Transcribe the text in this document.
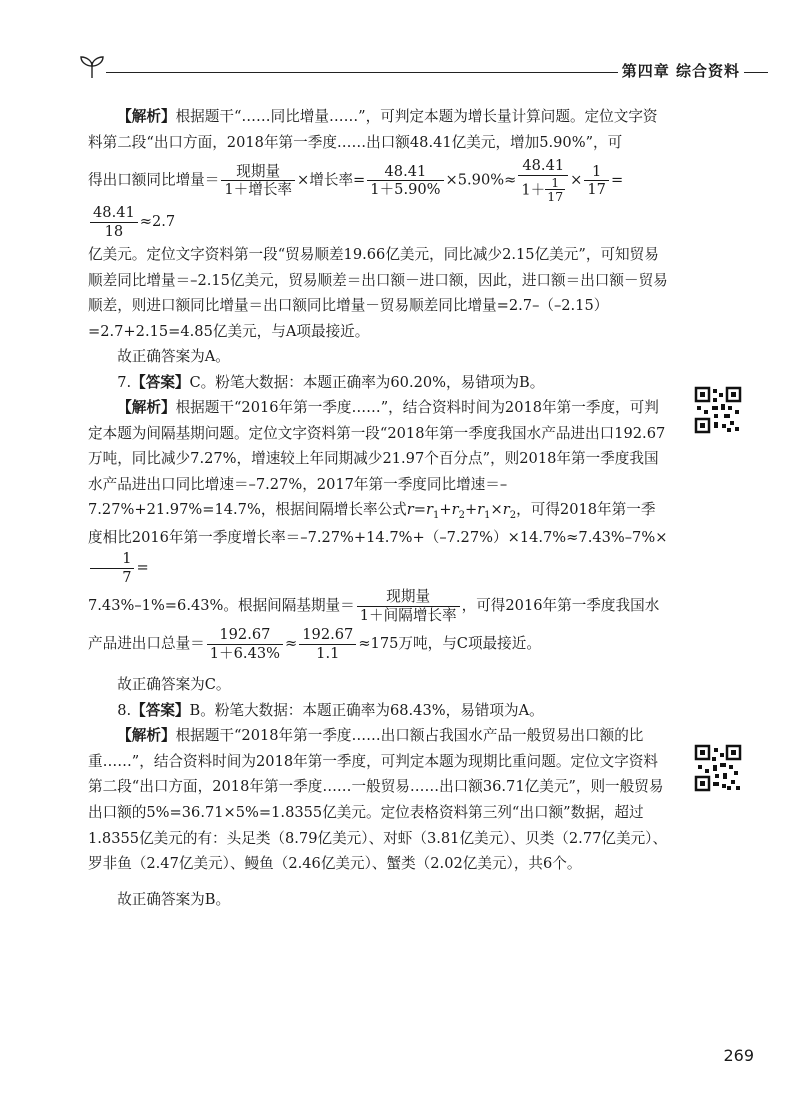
第四章 综合资料

【解析】根据题干“……同比增量……”，可判定本题为增长量计算问题。定位文字资料第二段“出口方面，2018年第一季度……出口额48.41亿美元，增加5.90%”，可

得出口额同比增量＝ $\frac{\text{现期量}}{\text{1＋增长率}}$ ×增长率= $\frac{48.41}{1+5.90\%} \times 5.90\%\approx \frac{48.41}{1+ \frac{1}{17}} \times \frac{1}{17}$ =
$\frac{48.41}{18} \approx 2.7$

亿美元。定位文字资料第一段“贸易顺差19.66亿美元，同比减少2.15亿美元”，可知贸易顺差同比增量＝–2.15亿美元，贸易顺差＝出口额－进口额，因此，进口额＝出口额－贸易顺差，则进口额同比增量＝出口额同比增量－贸易顺差同比增量=2.7–（–2.15）=2.7+2.15=4.85亿美元，与A项最接近。

故正确答案为A。

7.【答案】C。粉笔大数据：本题正确率为60.20%，易错项为B。

【解析】根据题干“2016年第一季度……”，结合资料时间为2018年第一季度，可判定本题为间隔基期问题。定位文字资料第一段“2018年第一季度我国水产品进出口192.67万吨，同比减少7.27%，增速较上年同期减少21.97个百分点”，则2018年第一季度我国水产品进出口同比增速＝–7.27%，2017年第一季度同比增速＝–7.27%+21.97%=14.7%，根据间隔增长率公式$r=r_1+r_2+r_1\times r_2$，可得2018年第一季度相比2016年第一季度增长率＝–7.27%+14.7%+（–7.27%）×14.7%≈7.43%–7%×
$\frac{1}{7}$ =

7.43%–1%=6.43%。根据间隔基期量＝ $\frac{\text{现期量}}{\text{1＋间隔增长率}}$ ，可得2016年第一季度我国水

产品进出口总量＝ $\frac{192.67}{1+6.43\%} \approx \frac{192.67}{1.1} \approx 175$万吨，与C项最接近。

故正确答案为C。

8.【答案】B。粉笔大数据：本题正确率为68.43%，易错项为A。

【解析】根据题干“2018年第一季度……出口额占我国水产品一般贸易出口额的比重……”，结合资料时间为2018年第一季度，可判定本题为现期比重问题。定位文字资料第二段“出口方面，2018年第一季度……一般贸易……出口额36.71亿美元”，则一般贸易出口额的5%=36.71×5%=1.8355亿美元。定位表格资料第三列“出口额”数据，超过1.8355亿美元的有：头足类（8.79亿美元）、对虾（3.81亿美元）、贝类（2.77亿美元）、罗非鱼（2.47亿美元）、鳗鱼（2.46亿美元）、蟹类（2.02亿美元），共6个。

故正确答案为B。

269
